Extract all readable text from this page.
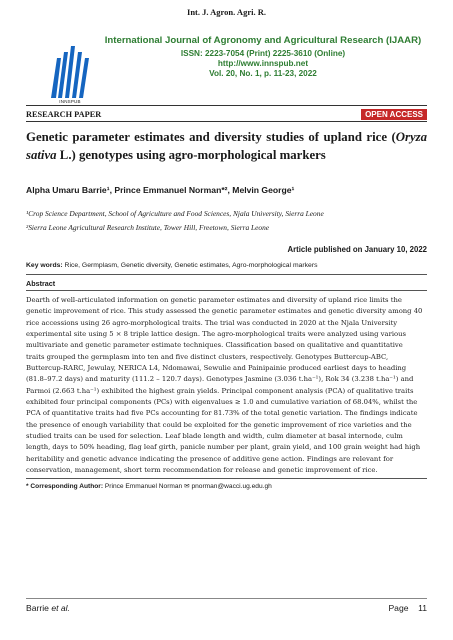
Int. J. Agron. Agri. R.
INNSPUB
International Journal of Agronomy and Agricultural Research (IJAAR)
ISSN: 2223-7054 (Print) 2225-3610 (Online)
http://www.innspub.net
Vol. 20, No. 1, p. 11-23, 2022
RESEARCH PAPER	OPEN ACCESS
Genetic parameter estimates and diversity studies of upland rice (Oryza sativa L.) genotypes using agro-morphological markers
Alpha Umaru Barrie¹, Prince Emmanuel Norman*², Melvin George¹
¹Crop Science Department, School of Agriculture and Food Sciences, Njala University, Sierra Leone
²Sierra Leone Agricultural Research Institute, Tower Hill, Freetown, Sierra Leone
Article published on January 10, 2022
Key words: Rice, Germplasm, Genetic diversity, Genetic estimates, Agro-morphological markers
Abstract
Dearth of well-articulated information on genetic parameter estimates and diversity of upland rice limits the
genetic improvement of rice. This study assessed the genetic parameter estimates and genetic diversity among 40
rice accessions using 26 agro-morphological traits. The trial was conducted in 2020 at the Njala University
experimental site using 5 × 8 triple lattice design. The agro-morphological traits were analyzed using various
multivariate and genetic parameter estimate techniques. Classification based on qualitative and quantitative
traits grouped the germplasm into ten and five distinct clusters, respectively. Genotypes Buttercup-ABC,
Buttercup-RARC, Jewulay, NERICA L4, Ndomawai, Sewulie and Painipainie produced earliest days to heading
(81.8–97.2 days) and maturity (111.2 – 120.7 days). Genotypes Jasmine (3.036 t.ha⁻¹), Rok 34 (3.238 t.ha⁻¹) and
Parmoi (2.663 t.ha⁻¹) exhibited the highest grain yields. Principal component analysis (PCA) of qualitative traits
exhibited four principal components (PCs) with eigenvalues ≥ 1.0 and cumulative variation of 68.04%, whilst the
PCA of quantitative traits had five PCs accounting for 81.73% of the total genetic variation. The findings indicate
the presence of enough variability that could be exploited for the genetic improvement of rice varieties and the
studied traits can be used for selection. Leaf blade length and width, culm diameter at basal internode, culm
length, days to 50% heading, flag leaf girth, panicle number per plant, grain yield, and 100 grain weight had high
heritability and genetic advance indicating the presence of additive gene action. Findings are relevant for
conservation, management, short term recommendation for release and genetic improvement of rice.
* Corresponding Author: Prince Emmanuel Norman ✉ pnorman@wacci.ug.edu.gh
Barrie et al.	Page 11
